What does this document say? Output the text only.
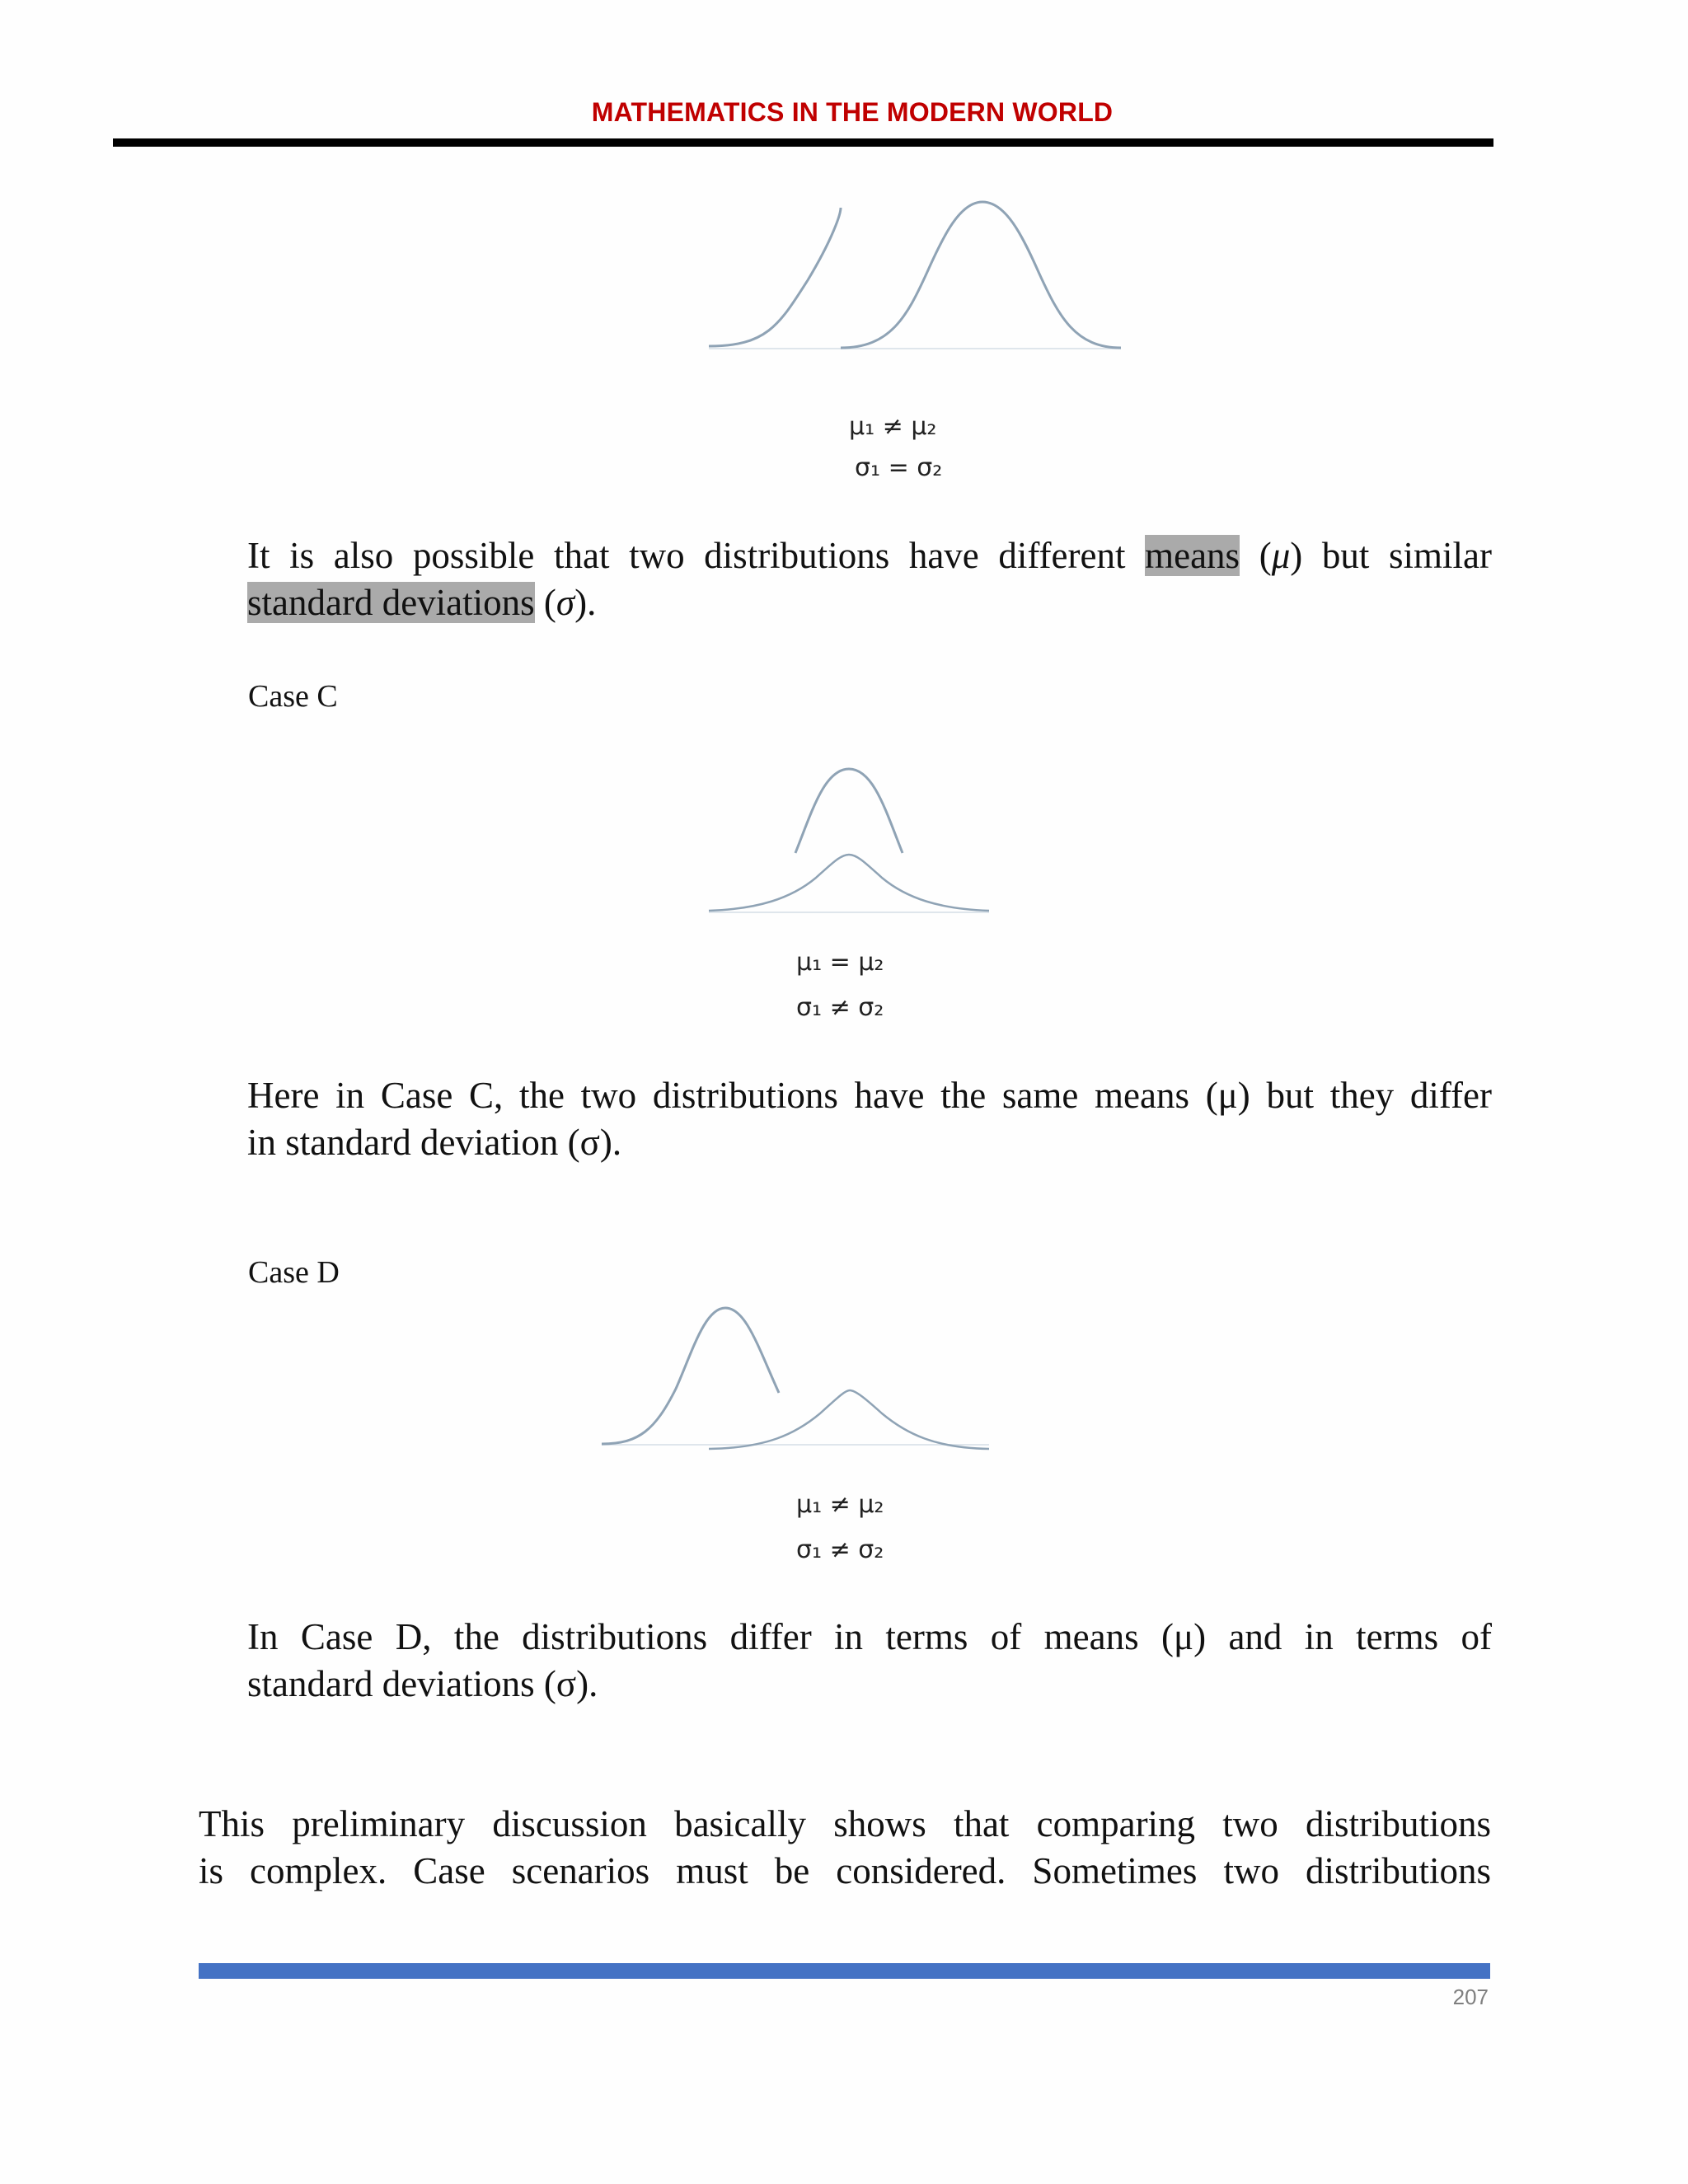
MATHEMATICS IN THE MODERN WORLD
μ₁ ≠ μ₂
σ₁ = σ₂
It is also possible that two distributions have different means (μ) but similar
standard deviations (σ).
Case C
μ₁ = μ₂
σ₁ ≠ σ₂
Here in Case C, the two distributions have the same means (μ) but they differ
in standard deviation (σ).
Case D
μ₁ ≠ μ₂
σ₁ ≠ σ₂
In Case D, the distributions differ in terms of means (μ) and in terms of
standard deviations (σ).
This preliminary discussion basically shows that comparing two distributions
is complex. Case scenarios must be considered. Sometimes two distributions
207
